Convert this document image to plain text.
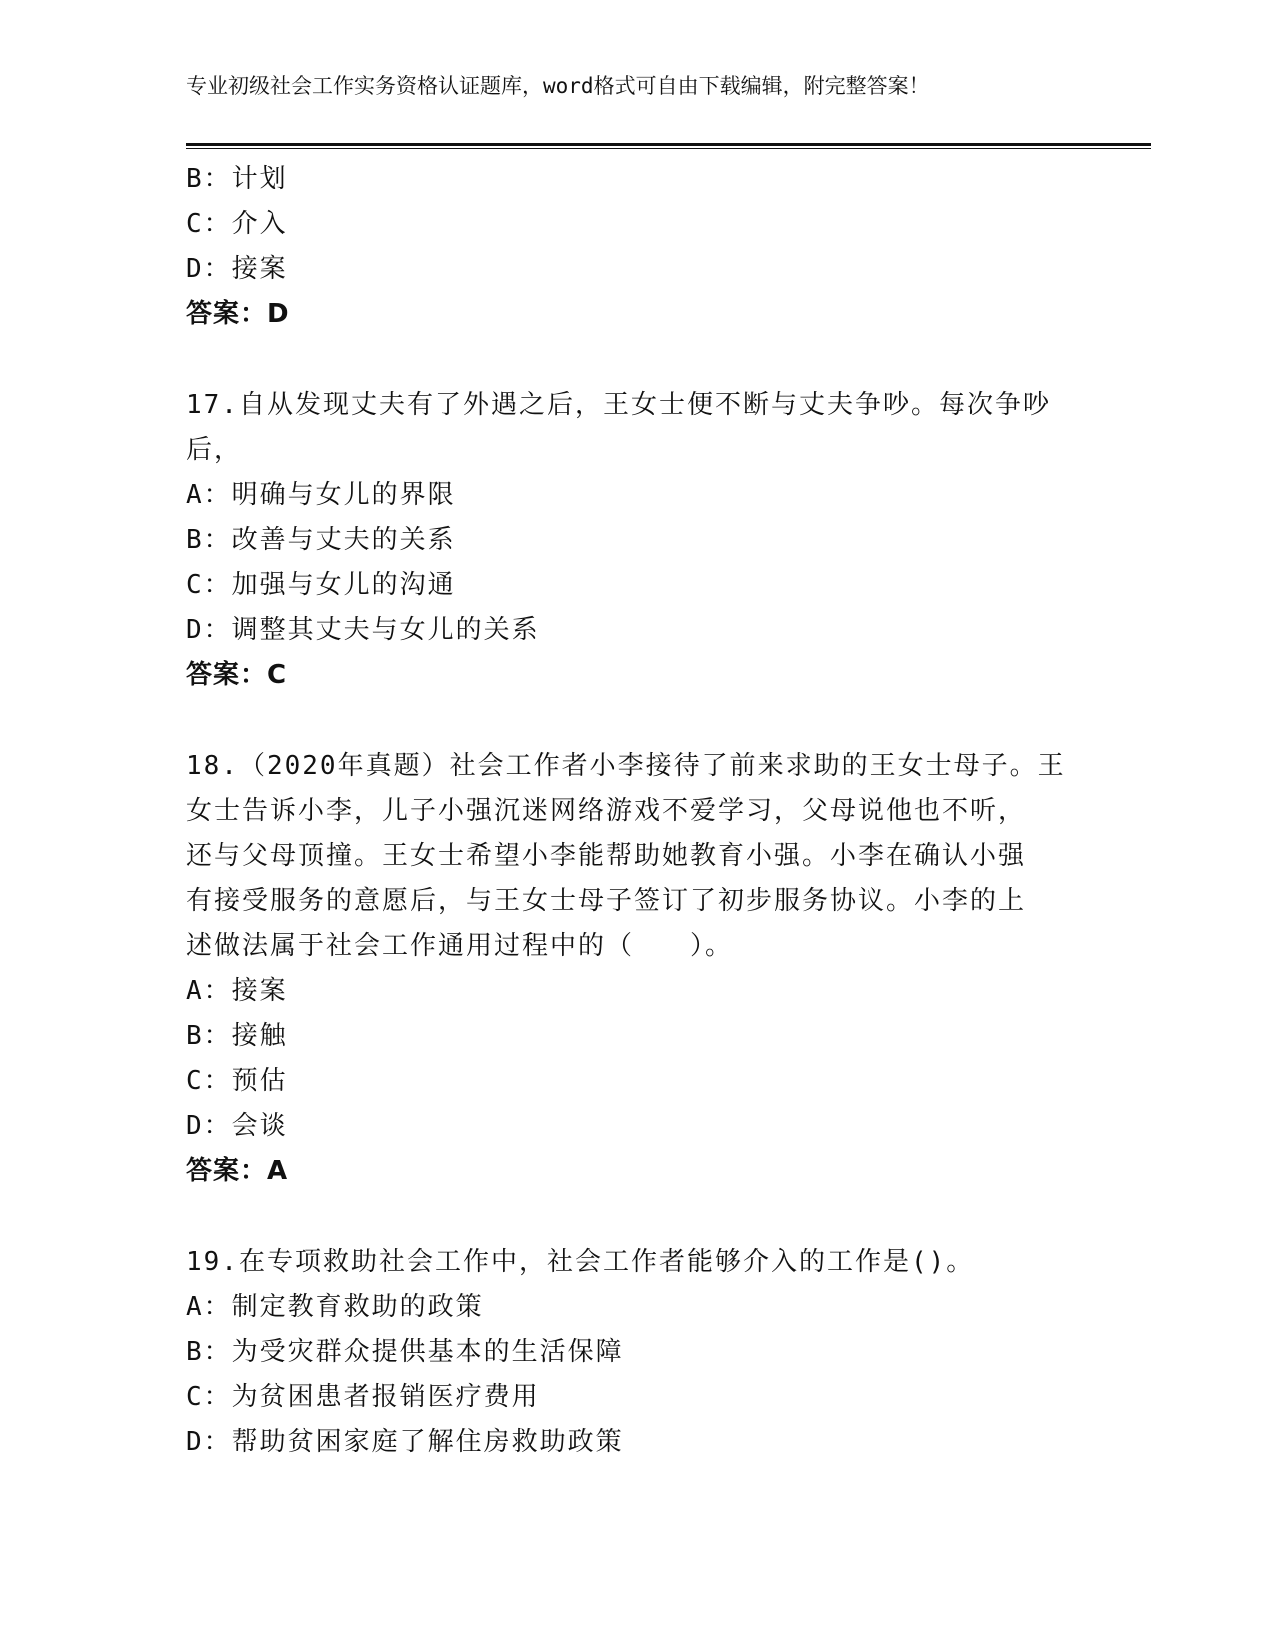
专业初级社会工作实务资格认证题库，word格式可自由下载编辑，附完整答案！
B：计划
C：介入
D：接案
答案：D
17.自从发现丈夫有了外遇之后，王女士便不断与丈夫争吵。每次争吵
后，
A：明确与女儿的界限
B：改善与丈夫的关系
C：加强与女儿的沟通
D：调整其丈夫与女儿的关系
答案：C
18.（2020年真题）社会工作者小李接待了前来求助的王女士母子。王
女士告诉小李，儿子小强沉迷网络游戏不爱学习，父母说他也不听，
还与父母顶撞。王女士希望小李能帮助她教育小强。小李在确认小强
有接受服务的意愿后，与王女士母子签订了初步服务协议。小李的上
述做法属于社会工作通用过程中的（　　）。
A：接案
B：接触
C：预估
D：会谈
答案：A
19.在专项救助社会工作中，社会工作者能够介入的工作是()。
A：制定教育救助的政策
B：为受灾群众提供基本的生活保障
C：为贫困患者报销医疗费用
D：帮助贫困家庭了解住房救助政策
